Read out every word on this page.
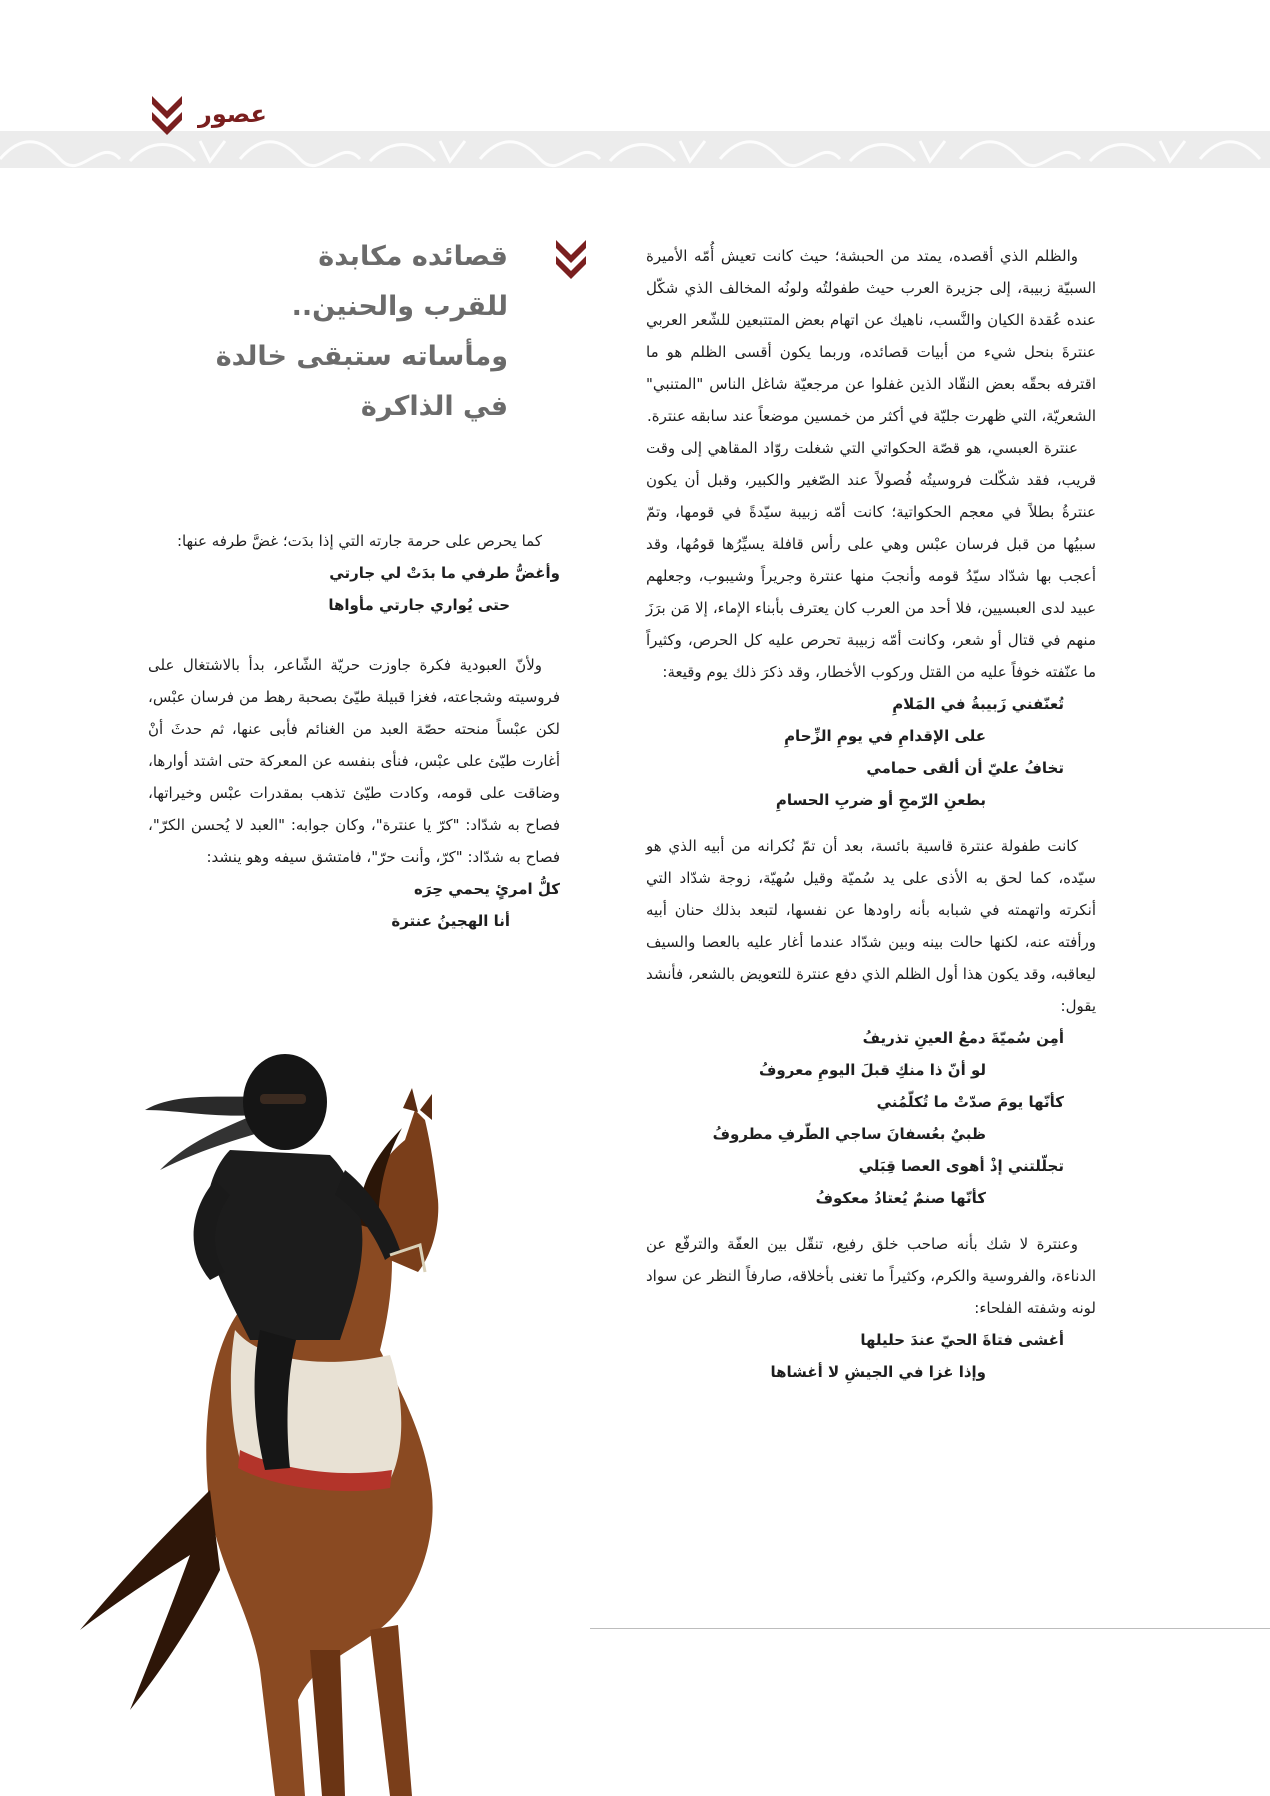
عصور
قصائده مكابدة
للقرب والحنين..
ومأساته ستبقى خالدة
في الذاكرة

والظلم الذي أقصده، يمتد من الحبشة؛ حيث كانت تعيش أُمّه الأميرة السبيّة زبيبة، إلى جزيرة العرب حيث طفولتُه ولونُه المخالف الذي شكّل عنده عُقدة الكيان والنَّسب، ناهيك عن اتهام بعض المتتبعين للشّعر العربي عنترةَ بنحل شيء من أبيات قصائده، وربما يكون أقسى الظلم هو ما اقترفه بحقّه بعض النقّاد الذين غفلوا عن مرجعيّة شاغل الناس "المتنبي" الشعريّة، التي ظهرت جليّة في أكثر من خمسين موضعاً عند سابقه عنترة.

عنترة العبسي، هو قصّة الحكواتي التي شغلت روّاد المقاهي إلى وقت قريب، فقد شكّلت فروسيتُه فُصولاً عند الصّغير والكبير، وقبل أن يكون عنترةُ بطلاً في معجم الحكواتية؛ كانت أمّه زبيبة سيّدةً في قومها، وتمّ سبيُها من قبل فرسان عبْس وهي على رأس قافلة يسيِّرُها قومُها، وقد أعجب بها شدّاد سيّدُ قومه وأنجبَ منها عنترة وجريراً وشيبوب، وجعلهم عبيد لدى العبسيين، فلا أحد من العرب كان يعترف بأبناء الإماء، إلا مَن برَزَ منهم في قتال أو شعر، وكانت أمّه زبيبة تحرص عليه كل الحرص، وكثيراً ما عنّفته خوفاً عليه من القتل وركوب الأخطار، وقد ذكرَ ذلك يوم وقيعة:

تُعنّفني زَبيبةُ في المَلامِ
على الإقدامِ في يومِ الزِّحامِ
تخافُ عليّ أن ألقى حمامي
بطعنِ الرّمحِ أو ضربِ الحسامِ

كانت طفولة عنترة قاسية بائسة، بعد أن تمّ نُكرانه من أبيه الذي هو سيّده، كما لحق به الأذى على يد سُميّة وقيل سُهيّة، زوجة شدّاد التي أنكرته واتهمته في شبابه بأنه راودها عن نفسها، لتبعد بذلك حنان أبيه ورأفته عنه، لكنها حالت بينه وبين شدّاد عندما أغار عليه بالعصا والسيف ليعاقبه، وقد يكون هذا أول الظلم الذي دفع عنترة للتعويض بالشعر، فأنشد يقول:

أمِن سُميّةَ دمعُ العينِ تذريفُ
لو أنّ ذا منكِ قبلَ اليومِ معروفُ
كأنّها يومَ صدّتْ ما تُكلّمُني
ظبيٌ بعُسفانَ ساجي الطّرفِ مطروفُ
تجلّلتني إذْ أهوى العصا قِبَلي
كأنّها صنمٌ يُعتادُ معكوفُ

وعنترة لا شك بأنه صاحب خلق رفيع، تنقّل بين العفّة والترفّع عن الدناءة، والفروسية والكرم، وكثيراً ما تغنى بأخلاقه، صارفاً النظر عن سواد لونه وشفته الفلحاء:

أغشى فتاةَ الحيّ عندَ حليلها
وإذا غزا في الجيشِ لا أغشاها

كما يحرص على حرمة جارته التي إذا بدَت؛ غضَّ طرفه عنها:

وأغضُّ طرفي ما بدَتْ لي جارتي
حتى يُواري جارتي مأواها

ولأنّ العبودية فكرة جاوزت حريّة الشّاعر، بدأ بالاشتغال على فروسيته وشجاعته، فغزا قبيلة طيّئ بصحبة رهط من فرسان عبْس، لكن عبْساً منحته حصّة العبد من الغنائم فأبى عنها، ثم حدثَ أنْ أغارت طيّئ على عبْس، فنأى بنفسه عن المعركة حتى اشتد أوارها، وضاقت على قومه، وكادت طيّئ تذهب بمقدرات عبْس وخيراتها، فصاح به شدّاد: "كرّ يا عنترة"، وكان جوابه: "العبد لا يُحسن الكرّ"، فصاح به شدّاد: "كرّ، وأنت حرّ"، فامتشق سيفه وهو ينشد:

كلُّ امرئٍ يحمي حِرَه
أنا الهجينُ عنترة
